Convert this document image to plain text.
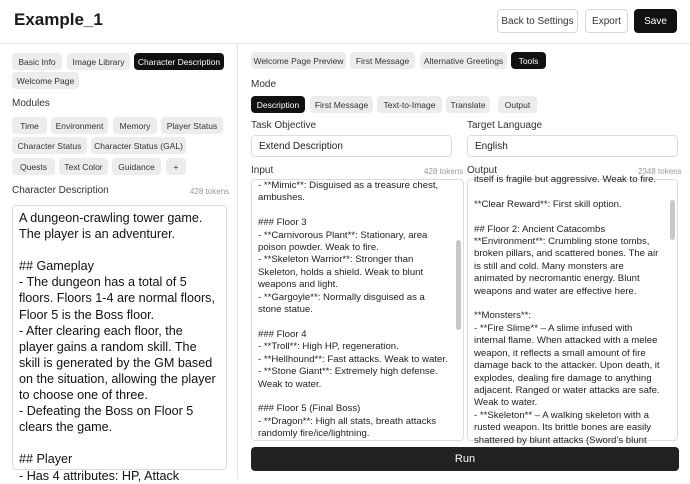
Example_1	Back to Settings	Export	Save
Basic Info	Image Library	Character Description
Welcome Page
Modules
Time	Environment	Memory	Player Status
Character Status	Character Status (GAL)
Quests	Text Color	Guidance	+
Character Description	428 tokens
A dungeon-crawling tower game. The player is an adventurer.

## Gameplay
- The dungeon has a total of 5 floors. Floors 1-4 are normal floors, Floor 5 is the Boss floor.
- After clearing each floor, the player gains a random skill. The skill is generated by the GM based on the situation, allowing the player to choose one of three.
- Defeating the Boss on Floor 5 clears the game.

## Player
- Has 4 attributes: HP, Attack
Welcome Page Preview	First Message	Alternative Greetings	Tools
Mode
Description	First Message	Text-to-Image	Translate	Output
Task Objective
Extend Description
Target Language
English
Input	428 tokens
- **Mimic**: Disguised as a treasure chest, ambushes.

### Floor 3
- **Carnivorous Plant**: Stationary, area poison powder. Weak to fire.
- **Skeleton Warrior**: Stronger than Skeleton, holds a shield. Weak to blunt weapons and light.
- **Gargoyle**: Normally disguised as a stone statue.

### Floor 4
- **Troll**: High HP, regeneration.
- **Hellhound**: Fast attacks. Weak to water.
- **Stone Giant**: Extremely high defense. Weak to water.

### Floor 5 (Final Boss)
- **Dragon**: High all stats, breath attacks randomly fire/ice/lightning.
Output	2348 tokens
itself is fragile but aggressive. Weak to fire.

**Clear Reward**: First skill option.

## Floor 2: Ancient Catacombs
**Environment**: Crumbling stone tombs, broken pillars, and scattered bones. The air is still and cold. Many monsters are animated by necromantic energy. Blunt weapons and water are effective here.

**Monsters**:
- **Fire Slime** – A slime infused with internal flame. When attacked with a melee weapon, it reflects a small amount of fire damage back to the attacker. Upon death, it explodes, dealing fire damage to anything adjacent. Ranged or water attacks are safe. Weak to water.
- **Skeleton** – A walking skeleton with a rusted weapon. Its brittle bones are easily shattered by blunt attacks (Sword’s blunt
Run
